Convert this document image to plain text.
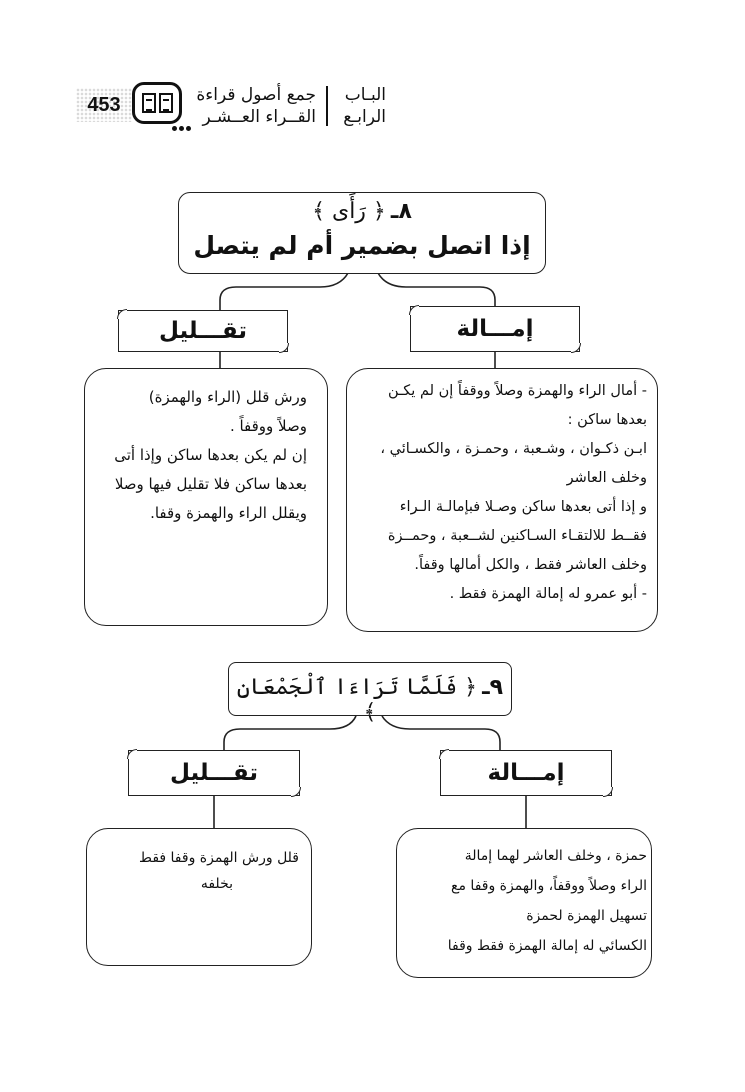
453	جمع أصول قراءة
القــراء العــشـر
البـاب
الرابـع
٨ـ ﴿ رَأَى ﴾
إذا اتصل بضمير أم لم يتصل
تقـــليل	إمـــالة
ورش قلل (الراء والهمزة)
وصلاً ووقفاً .
إن لم يكن بعدها ساكن وإذا أتى
بعدها ساكن فلا تقليل فيها وصلا
ويقلل الراء والهمزة وقفا.
- أمال الراء والهمزة وصلاً ووقفاً إن لم يكـن
بعدها ساكن :
ابـن ذكـوان ، وشـعبة ، وحمـزة ، والكسـائي ،
وخلف العاشر
و إذا أتى بعدها ساكن وصـلا فبإمالـة الـراء
فقــط للالتقـاء السـاكنين لشــعبة ، وحمــزة
وخلف العاشر فقط ، والكل أمالها وقفاً.
- أبو عمرو له إمالة الهمزة فقط .
٩ـ ﴿ فَلَمَّا تَرَاءَا ٱلْجَمْعَانِ ﴾
تقـــليل	إمـــالة
قلل ورش الهمزة وقفا فقط
بخلفه
حمزة ، وخلف العاشر لهما إمالة
الراء وصلاً ووقفاً، والهمزة وقفا مع
تسهيل الهمزة لحمزة
الكسائي له إمالة الهمزة فقط وقفا
